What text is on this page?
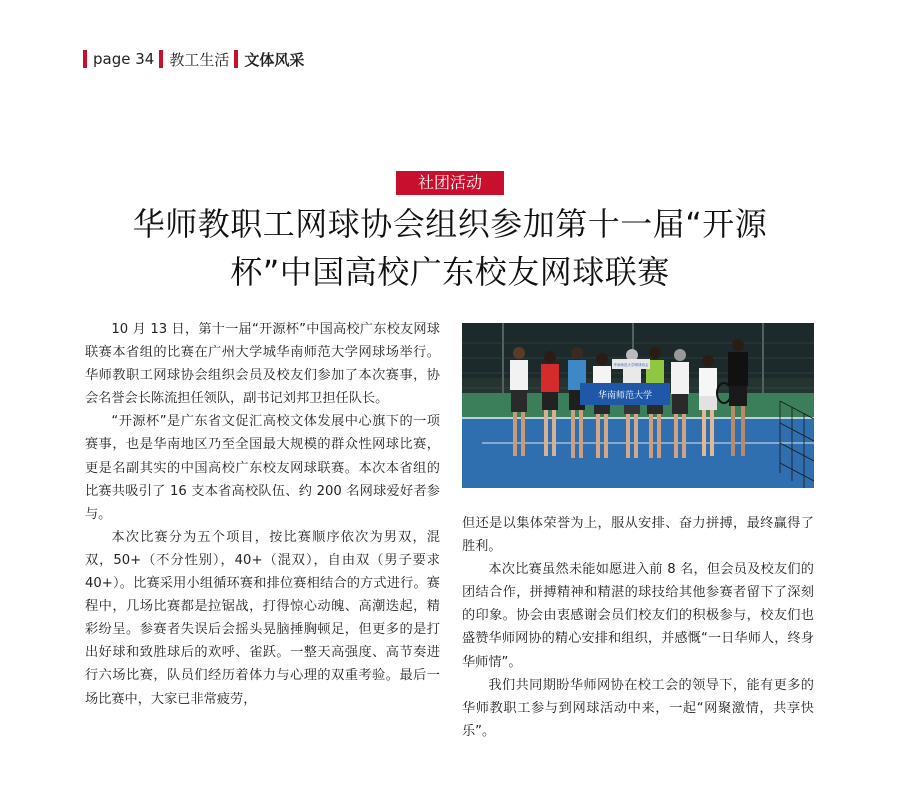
page 34 教工生活 文体风采
社团活动
华师教职工网球协会组织参加第十一届“开源
杯”中国高校广东校友网球联赛

10 月 13 日，第十一届“开源杯”中国高校广东校友网球联赛本省组的比赛在广州大学城华南师范大学网球场举行。华师教职工网球协会组织会员及校友们参加了本次赛事，协会名誉会长陈流担任领队，副书记刘邦卫担任队长。

“开源杯”是广东省文促汇高校文体发展中心旗下的一项赛事，也是华南地区乃至全国最大规模的群众性网球比赛，更是名副其实的中国高校广东校友网球联赛。本次本省组的比赛共吸引了 16 支本省高校队伍、约 200 名网球爱好者参与。

本次比赛分为五个项目，按比赛顺序依次为男双，混双，50+（不分性别），40+（混双），自由双（男子要求 40+）。比赛采用小组循环赛和排位赛相结合的方式进行。赛程中，几场比赛都是拉锯战，打得惊心动魄、高潮迭起，精彩纷呈。参赛者失误后会摇头晃脑捶胸顿足，但更多的是打出好球和致胜球后的欢呼、雀跃。一整天高强度、高节奏进行六场比赛，队员们经历着体力与心理的双重考验。最后一场比赛中，大家已非常疲劳，

华南师范大学
华南师范大学网球协会

但还是以集体荣誉为上，服从安排、奋力拼搏，最终赢得了胜利。

本次比赛虽然未能如愿进入前 8 名，但会员及校友们的团结合作，拼搏精神和精湛的球技给其他参赛者留下了深刻的印象。协会由衷感谢会员们校友们的积极参与，校友们也盛赞华师网协的精心安排和组织，并感慨“一日华师人，终身华师情”。

我们共同期盼华师网协在校工会的领导下，能有更多的华师教职工参与到网球活动中来，一起“网聚激情，共享快乐”。
